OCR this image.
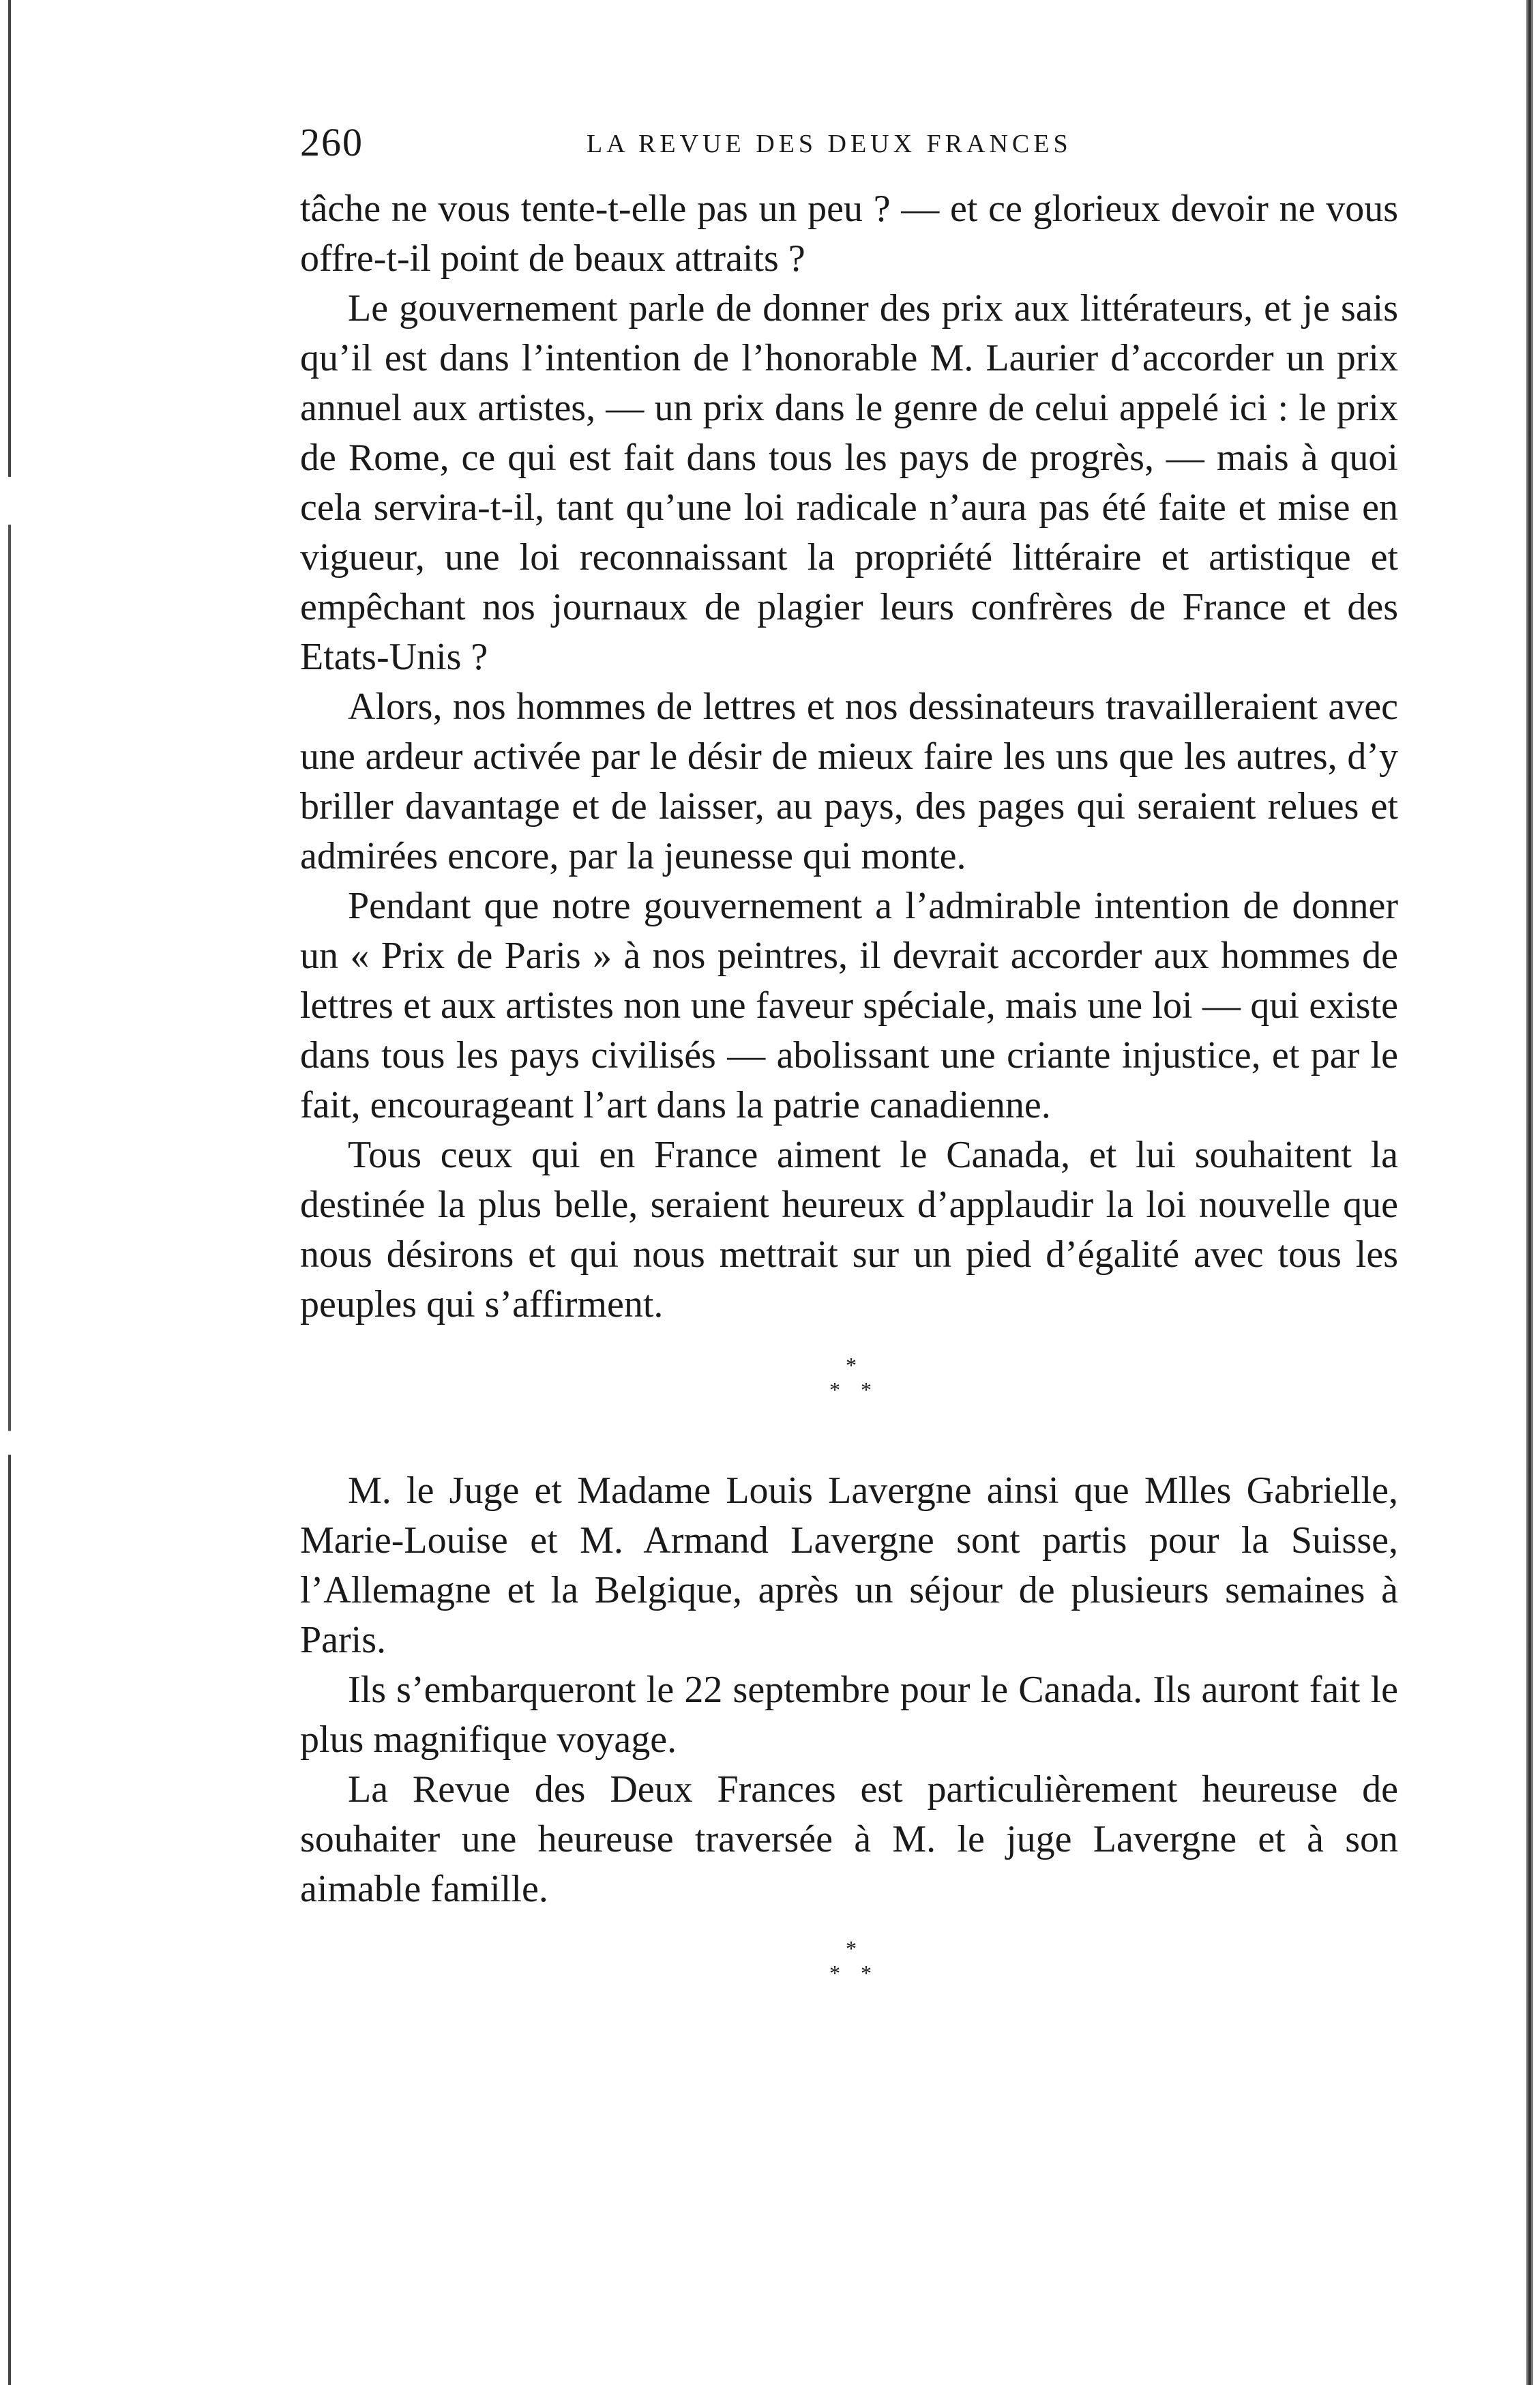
260	LA REVUE DES DEUX FRANCES

tâche ne vous tente-t-elle pas un peu ? — et ce glorieux devoir ne vous offre-t-il point de beaux attraits ?

Le gouvernement parle de donner des prix aux littérateurs, et je sais qu’il est dans l’intention de l’honorable M. Laurier d’accorder un prix annuel aux artistes, — un prix dans le genre de celui appelé ici : le prix de Rome, ce qui est fait dans tous les pays de progrès, — mais à quoi cela servira-t-il, tant qu’une loi radicale n’aura pas été faite et mise en vigueur, une loi reconnaissant la propriété littéraire et artistique et empêchant nos journaux de plagier leurs confrères de France et des Etats-Unis ?

Alors, nos hommes de lettres et nos dessinateurs travailleraient avec une ardeur activée par le désir de mieux faire les uns que les autres, d’y briller davantage et de laisser, au pays, des pages qui seraient relues et admirées encore, par la jeunesse qui monte.

Pendant que notre gouvernement a l’admirable intention de donner un « Prix de Paris » à nos peintres, il devrait accorder aux hommes de lettres et aux artistes non une faveur spéciale, mais une loi — qui existe dans tous les pays civilisés — abolissant une criante injustice, et par le fait, encourageant l’art dans la patrie canadienne.

Tous ceux qui en France aiment le Canada, et lui souhaitent la destinée la plus belle, seraient heureux d’applaudir la loi nouvelle que nous désirons et qui nous mettrait sur un pied d’égalité avec tous les peuples qui s’affirment.

*
* *

M. le Juge et Madame Louis Lavergne ainsi que Mlles Gabrielle, Marie-Louise et M. Armand Lavergne sont partis pour la Suisse, l’Allemagne et la Belgique, après un séjour de plusieurs semaines à Paris.

Ils s’embarqueront le 22 septembre pour le Canada. Ils auront fait le plus magnifique voyage.

La Revue des Deux Frances est particulièrement heureuse de souhaiter une heureuse traversée à M. le juge Lavergne et à son aimable famille.

*
* *
